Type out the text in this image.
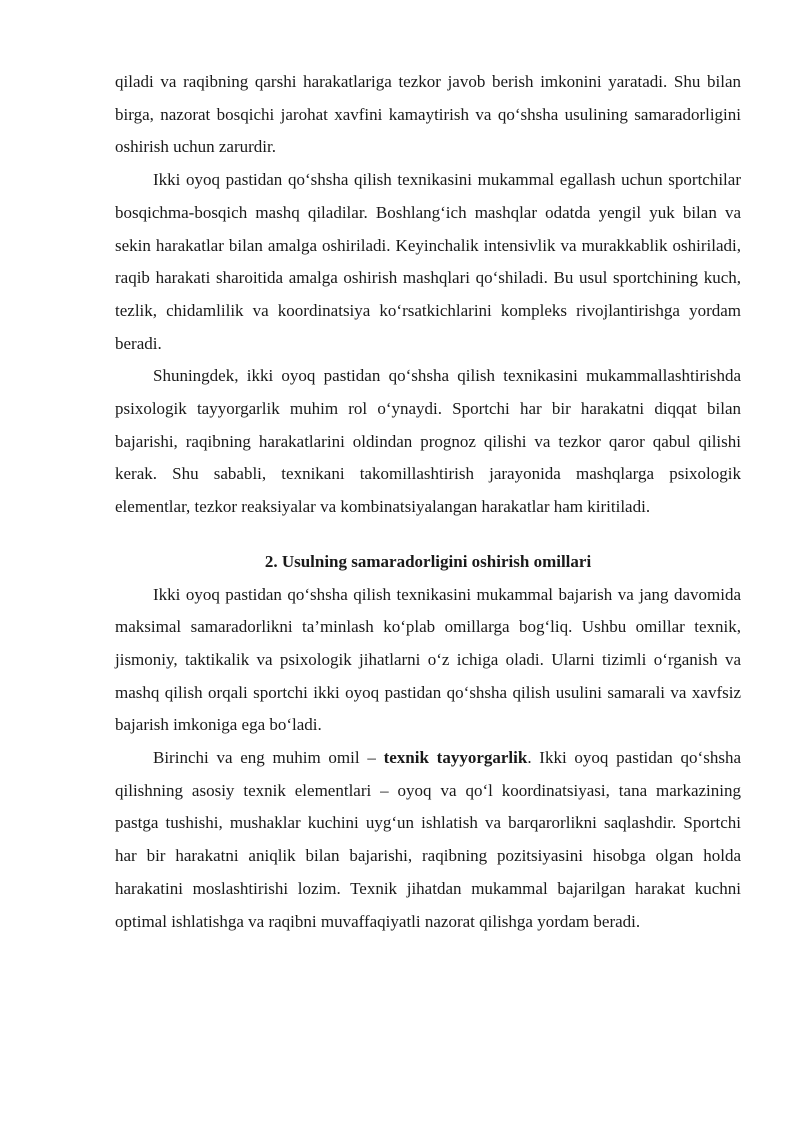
qiladi va raqibning qarshi harakatlariga tezkor javob berish imkonini yaratadi. Shu bilan birga, nazorat bosqichi jarohat xavfini kamaytirish va qo‘shsha usulining samaradorligini oshirish uchun zarurdir.

Ikki oyoq pastidan qo‘shsha qilish texnikasini mukammal egallash uchun sportchilar bosqichma-bosqich mashq qiladilar. Boshlang‘ich mashqlar odatda yengil yuk bilan va sekin harakatlar bilan amalga oshiriladi. Keyinchalik intensivlik va murakkablik oshiriladi, raqib harakati sharoitida amalga oshirish mashqlari qo‘shiladi. Bu usul sportchining kuch, tezlik, chidamlilik va koordinatsiya ko‘rsatkichlarini kompleks rivojlantirishga yordam beradi.

Shuningdek, ikki oyoq pastidan qo‘shsha qilish texnikasini mukammallashtirishda psixologik tayyorgarlik muhim rol o‘ynaydi. Sportchi har bir harakatni diqqat bilan bajarishi, raqibning harakatlarini oldindan prognoz qilishi va tezkor qaror qabul qilishi kerak. Shu sababli, texnikani takomillashtirish jarayonida mashqlarga psixologik elementlar, tezkor reaksiyalar va kombinatsiyalangan harakatlar ham kiritiladi.

2. Usulning samaradorligini oshirish omillari

Ikki oyoq pastidan qo‘shsha qilish texnikasini mukammal bajarish va jang davomida maksimal samaradorlikni ta’minlash ko‘plab omillarga bog‘liq. Ushbu omillar texnik, jismoniy, taktikalik va psixologik jihatlarni o‘z ichiga oladi. Ularni tizimli o‘rganish va mashq qilish orqali sportchi ikki oyoq pastidan qo‘shsha qilish usulini samarali va xavfsiz bajarish imkoniga ega bo‘ladi.

Birinchi va eng muhim omil – texnik tayyorgarlik. Ikki oyoq pastidan qo‘shsha qilishning asosiy texnik elementlari – oyoq va qo‘l koordinatsiyasi, tana markazining pastga tushishi, mushaklar kuchini uyg‘un ishlatish va barqarorlikni saqlashdir. Sportchi har bir harakatni aniqlik bilan bajarishi, raqibning pozitsiyasini hisobga olgan holda harakatini moslashtirishi lozim. Texnik jihatdan mukammal bajarilgan harakat kuchni optimal ishlatishga va raqibni muvaffaqiyatli nazorat qilishga yordam beradi.
